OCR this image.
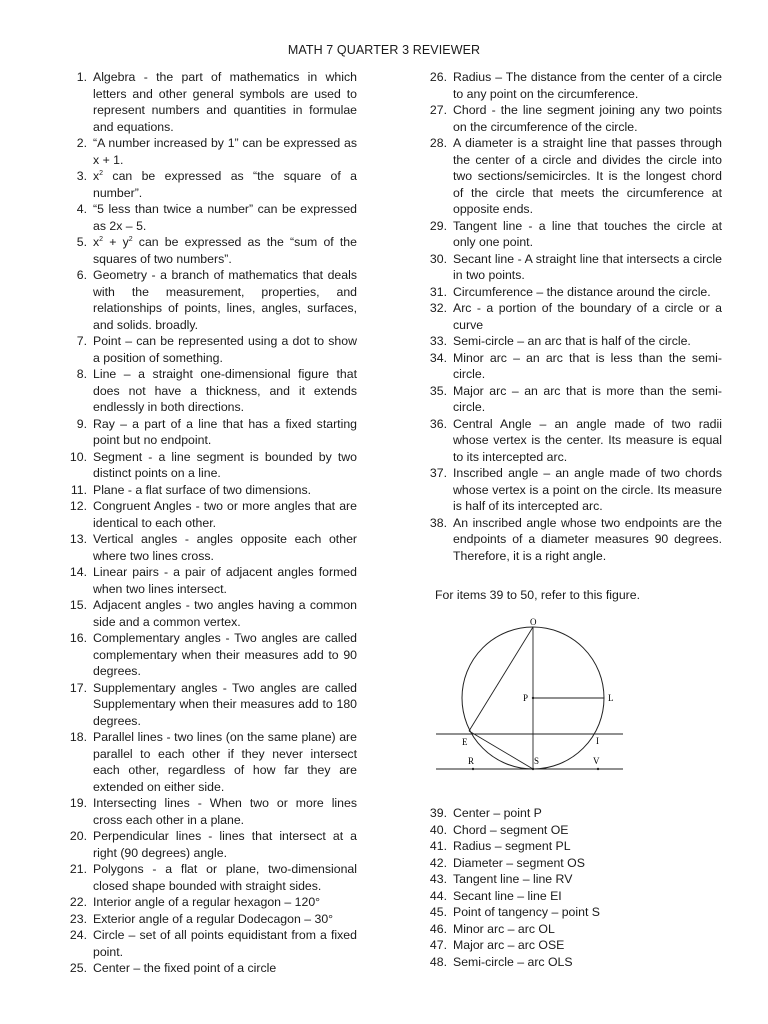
MATH 7 QUARTER 3 REVIEWER
1. Algebra - the part of mathematics in which letters and other general symbols are used to represent numbers and quantities in formulae and equations.
2. “A number increased by 1” can be expressed as x + 1.
3. $x^2$ can be expressed as “the square of a number”.
4. “5 less than twice a number” can be expressed as 2x – 5.
5. $x^2 + y^2$ can be expressed as the “sum of the squares of two numbers”.
6. Geometry - a branch of mathematics that deals with the measurement, properties, and relationships of points, lines, angles, surfaces, and solids. broadly.
7. Point – can be represented using a dot to show a position of something.
8. Line – a straight one-dimensional figure that does not have a thickness, and it extends endlessly in both directions.
9. Ray – a part of a line that has a fixed starting point but no endpoint.
10. Segment - a line segment is bounded by two distinct points on a line.
11. Plane - a flat surface of two dimensions.
12. Congruent Angles - two or more angles that are identical to each other.
13. Vertical angles - angles opposite each other where two lines cross.
14. Linear pairs - a pair of adjacent angles formed when two lines intersect.
15. Adjacent angles - two angles having a common side and a common vertex.
16. Complementary angles - Two angles are called complementary when their measures add to 90 degrees.
17. Supplementary angles - Two angles are called Supplementary when their measures add to 180 degrees.
18. Parallel lines - two lines (on the same plane) are parallel to each other if they never intersect each other, regardless of how far they are extended on either side.
19. Intersecting lines - When two or more lines cross each other in a plane.
20. Perpendicular lines - lines that intersect at a right (90 degrees) angle.
21. Polygons - a flat or plane, two-dimensional closed shape bounded with straight sides.
22. Interior angle of a regular hexagon – 120°
23. Exterior angle of a regular Dodecagon – 30°
24. Circle – set of all points equidistant from a fixed point.
25. Center – the fixed point of a circle
26. Radius – The distance from the center of a circle to any point on the circumference.
27. Chord - the line segment joining any two points on the circumference of the circle.
28. A diameter is a straight line that passes through the center of a circle and divides the circle into two sections/semicircles. It is the longest chord of the circle that meets the circumference at opposite ends.
29. Tangent line - a line that touches the circle at only one point.
30. Secant line - A straight line that intersects a circle in two points.
31. Circumference – the distance around the circle.
32. Arc - a portion of the boundary of a circle or a curve
33. Semi-circle – an arc that is half of the circle.
34. Minor arc – an arc that is less than the semi-circle.
35. Major arc – an arc that is more than the semi-circle.
36. Central Angle – an angle made of two radii whose vertex is the center. Its measure is equal to its intercepted arc.
37. Inscribed angle – an angle made of two chords whose vertex is a point on the circle. Its measure is half of its intercepted arc.
38. An inscribed angle whose two endpoints are the endpoints of a diameter measures 90 degrees. Therefore, it is a right angle.
For items 39 to 50, refer to this figure.
O
P	L
E	I
R	S	V
39. Center – point P
40. Chord – segment OE
41. Radius – segment PL
42. Diameter – segment OS
43. Tangent line – line RV
44. Secant line – line EI
45. Point of tangency – point S
46. Minor arc – arc OL
47. Major arc – arc OSE
48. Semi-circle – arc OLS
